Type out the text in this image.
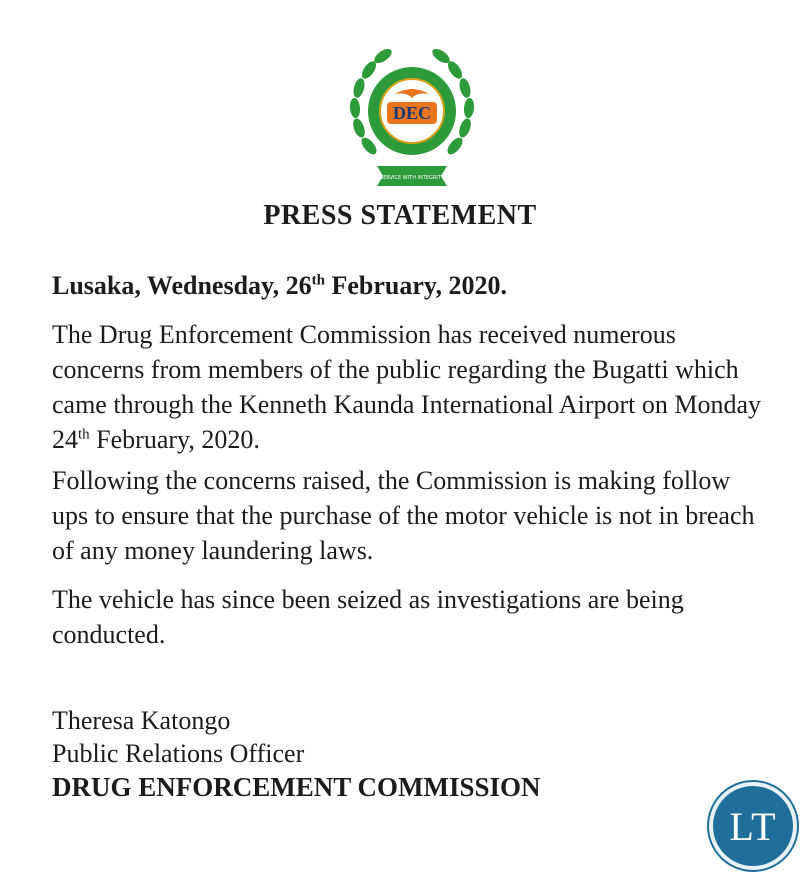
SERVICE WITH INTEGRITY
DEC
PRESS STATEMENT

Lusaka, Wednesday, 26th February, 2020.

The Drug Enforcement Commission has received numerous concerns from members of the public regarding the Bugatti which came through the Kenneth Kaunda International Airport on Monday 24th February, 2020.

Following the concerns raised, the Commission is making follow ups to ensure that the purchase of the motor vehicle is not in breach of any money laundering laws.

The vehicle has since been seized as investigations are being conducted.

Theresa Katongo

Public Relations Officer

DRUG ENFORCEMENT COMMISSION

LT
